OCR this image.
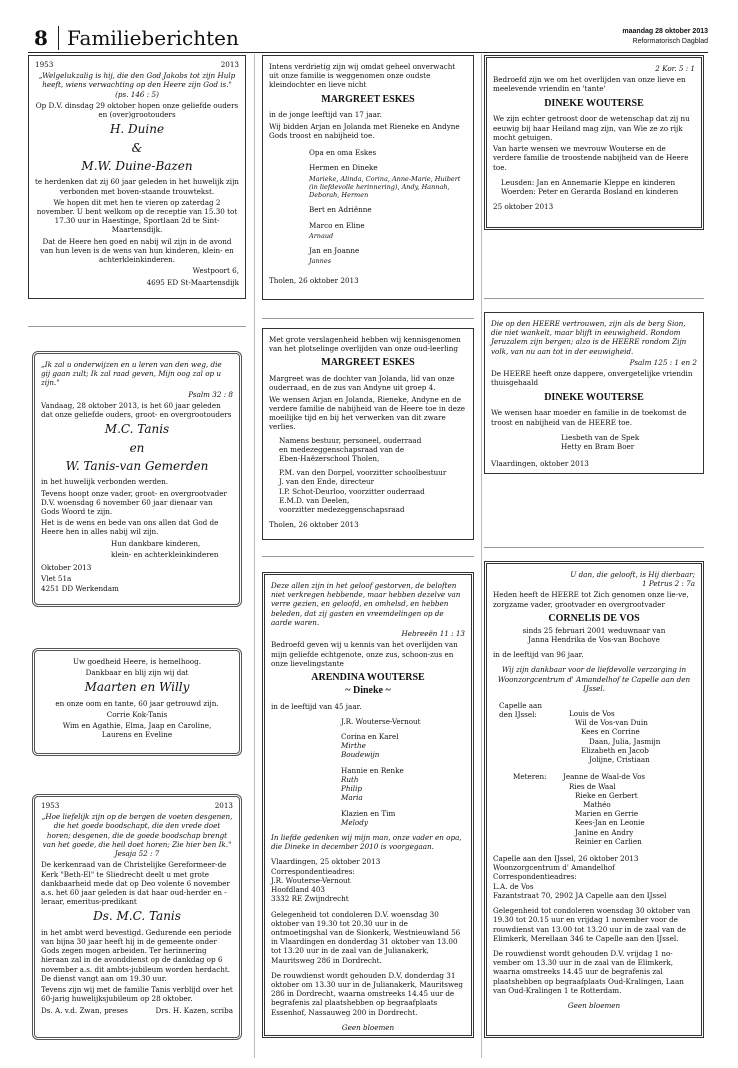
8 Familieberichten	maandag 28 oktober 2013
Reformatorisch Dagblad
1953	2013

„Welgelukzalig is hij, die den God Jakobs tot zijn Hulp heeft, wiens verwachting op den Heere zijn God is." (ps. 146 : 5)

Op D.V. dinsdag 29 oktober hopen onze geliefde ouders en (over)grootouders

H. Duine
&
M.W. Duine-Bazen

te herdenken dat zij 60 jaar geleden in het huwelijk zijn verbonden met boven-staande trouwtekst.

We hopen dit met hen te vieren op zaterdag 2 november. U bent welkom op de receptie van 15.30 tot 17.30 uur in Haestinge, Sportlaan 2d te Sint-Maartensdijk.

Dat de Heere hen goed en nabij wil zijn in de avond van hun leven is de wens van hun kinderen, klein- en achterkleinkinderen.

Westpoort 6,

4695 ED St-Maartensdijk

„Ik zal u onderwijzen en u leren van den weg, die gij gaan zult; Ik zal raad geven, Mijn oog zal op u zijn."

Psalm 32 : 8

Vandaag, 28 oktober 2013, is het 60 jaar geleden dat onze geliefde ouders, groot- en overgrootouders

M.C. Tanis
en
W. Tanis-van Gemerden

in het huwelijk verbonden werden.

Tevens hoopt onze vader, groot- en overgrootvader D.V. woensdag 6 november 60 jaar dienaar van Gods Woord te zijn.

Het is de wens en bede van ons allen dat God de Heere hen in alles nabij wil zijn.

Hun dankbare kinderen,

klein- en achterkleinkinderen

Oktober 2013

Vlet 51a

4251 DD Werkendam

Uw goedheid Heere, is hemelhoog.

Dankbaar en blij zijn wij dat

Maarten en Willy

en onze oom en tante, 60 jaar getrouwd zijn.

Corrie Kok-Tanis

Wim en Agathie, Elma, Jaap en Caroline,

Laurens en Eveline

1953	2013

„Hoe liefelijk zijn op de bergen de voeten desgenen, die het goede boodschapt, die den vrede doet horen; desgenen, die de goede boodschap brengt van het goede, die heil doet horen; Zie hier ben Ik." Jesaja 52 : 7

De kerkenraad van de Christelijke Gereformeer-de Kerk "Beth-El" te Sliedrecht deelt u met grote dankbaarheid mede dat op Deo volente 6 november a.s. het 60 jaar geleden is dat haar oud-herder en -leraar, emeritus-predikant

Ds. M.C. Tanis

in het ambt werd bevestigd. Gedurende een periode van bijna 30 jaar heeft hij in de gemeente onder Gods zegen mogen arbeiden. Ter herinnering hieraan zal in de avonddienst op de dankdag op 6 november a.s. dit ambts-jubileum worden herdacht. De dienst vangt aan om 19.30 uur.

Tevens zijn wij met de familie Tanis verblijd over het 60-jarig huwelijksjubileum op 28 oktober.

Ds. A. v.d. Zwan, preses	Drs. H. Kazen, scriba

Intens verdrietig zijn wij omdat geheel onverwacht uit onze familie is weggenomen onze oudste kleindochter en lieve nicht

MARGREET ESKES

in de jonge leeftijd van 17 jaar.

Wij bidden Arjan en Jolanda met Rieneke en Andyne Gods troost en nabijheid toe.

Opa en oma Eskes

Hermen en Dineke

Marieke, Alinda, Corina, Anne-Marie, Huibert (in liefdevolle herinnering), Andy, Hannah, Deborah, Hermen

Bert en Adriënne

Marco en Eline

Arnaud

Jan en Joanne

Jannes

Tholen, 26 oktober 2013

Met grote verslagenheid hebben wij kennisgenomen van het plotselinge overlijden van onze oud-leerling

MARGREET ESKES

Margreet was de dochter van Jolanda, lid van onze ouderraad, en de zus van Andyne uit groep 4.

We wensen Arjan en Jolanda, Rieneke, Andyne en de verdere familie de nabijheid van de Heere toe in deze moeilijke tijd en bij het verwerken van dit zware verlies.

Namens bestuur, personeel, ouderraad

en medezeggenschapsraad van de

Eben-Haëzerschool Tholen,

P.M. van den Dorpel, voorzitter schoolbestuur

J. van den Ende, directeur

I.P. Schot-Deurloo, voorzitter ouderraad

E.M.D. van Deelen,

voorzitter medezeggenschapsraad

Tholen, 26 oktober 2013

Deze allen zijn in het geloof gestorven, de beloften niet verkregen hebbende, maar hebben dezelve van verre gezien, en geloofd, en omhelsd, en hebben beleden, dat zij gasten en vreemdelingen op de aarde waren.

Hebreeën 11 : 13

Bedroefd geven wij u kennis van het overlijden van mijn geliefde echtgenote, onze zus, schoon-zus en onze lievelingstante

ARENDINA WOUTERSE
~ Dineke ~

in de leeftijd van 45 jaar.

J.R. Wouterse-Vernout

Corina en Karel

Mirthe

Boudewijn

Hannie en Renke

Ruth

Philip

Maria

Klazien en Tim

Melody

In liefde gedenken wij mijn man, onze vader en opa, die Dineke in december 2010 is voorgegaan.

Vlaardingen, 25 oktober 2013

Correspondentieadres:

J.R. Wouterse-Vernout

Hoofdland 403

3332 RE Zwijndrecht

Gelegenheid tot condoleren D.V. woensdag 30 oktober van 19.30 tot 20.30 uur in de ontmoetingshal van de Sionkerk, Westnieuwland 56 in Vlaardingen en donderdag 31 oktober van 13.00 tot 13.20 uur in de zaal van de Julianakerk, Mauritsweg 286 in Dordrecht.

De rouwdienst wordt gehouden D.V. donderdag 31 oktober om 13.30 uur in de Julianakerk, Mauritsweg 286 in Dordrecht, waarna omstreeks 14.45 uur de begrafenis zal plaatshebben op begraafplaats Essenhof, Nassauweg 200 in Dordrecht.

Geen bloemen

2 Kor. 5 : 1

Bedroefd zijn we om het overlijden van onze lieve en meelevende vriendin en 'tante'

DINEKE WOUTERSE

We zijn echter getroost door de wetenschap dat zij nu eeuwig bij haar Heiland mag zijn, van Wie ze zo rijk mocht getuigen.

Van harte wensen we mevrouw Wouterse en de verdere familie de troostende nabijheid van de Heere toe.

Leusden: Jan en Annemarie Kleppe en kinderen

Woerden: Peter en Gerarda Bosland en kinderen

25 oktober 2013

Die op den HEERE vertrouwen, zijn als de berg Sion, die niet wankelt, maar blijft in eeuwigheid. Rondom Jeruzalem zijn bergen; alzo is de HEERE rondom Zijn volk, van nu aan tot in der eeuwigheid.

Psalm 125 : 1 en 2

De HEERE heeft onze dappere, onvergetelijke vriendin thuisgehaald

DINEKE WOUTERSE

We wensen haar moeder en familie in de toekomst de troost en nabijheid van de HEERE toe.

Liesbeth van de Spek

Hetty en Bram Boer

Vlaardingen, oktober 2013

U dan, die gelooft, is Hij dierbaar;

1 Petrus 2 : 7a

Heden heeft de HEERE tot Zich genomen onze lie-ve, zorgzame vader, grootvader en overgrootvader

CORNELIS DE VOS

sinds 25 februari 2001 weduwnaar van

Janna Hendrika de Vos-van Bochove

in de leeftijd van 96 jaar.

Wij zijn dankbaar voor de liefdevolle verzorging in Woonzorgcentrum d' Amandelhof te Capelle aan den IJssel.

Capelle aan

den IJssel:	Louis de Vos

Wil de Vos-van Duin

Kees en Corrine

Daan, Julia, Jasmijn

Elizabeth en Jacob

Jolijne, Cristiaan

Meteren:	Jeanne de Waal-de Vos

Ries de Waal

Rieke en Gerbert

Mathéo

Marien en Gerrie

Kees-Jan en Leonie

Janine en Andry

Reinier en Carlien

Capelle aan den IJssel, 26 oktober 2013

Woonzorgcentrum d' Amandelhof

Correspondentieadres:

L.A. de Vos

Fazantstraat 70, 2902 JA Capelle aan den IJssel

Gelegenheid tot condoleren woensdag 30 oktober van 19.30 tot 20.15 uur en vrijdag 1 november voor de rouwdienst van 13.00 tot 13.20 uur in de zaal van de Elimkerk, Merellaan 346 te Capelle aan den IJssel.

De rouwdienst wordt gehouden D.V. vrijdag 1 no-vember om 13.30 uur in de zaal van de Elimkerk, waarna omstreeks 14.45 uur de begrafenis zal plaatshebben op begraafplaats Oud-Kralingen, Laan van Oud-Kralingen 1 te Rotterdam.

Geen bloemen
